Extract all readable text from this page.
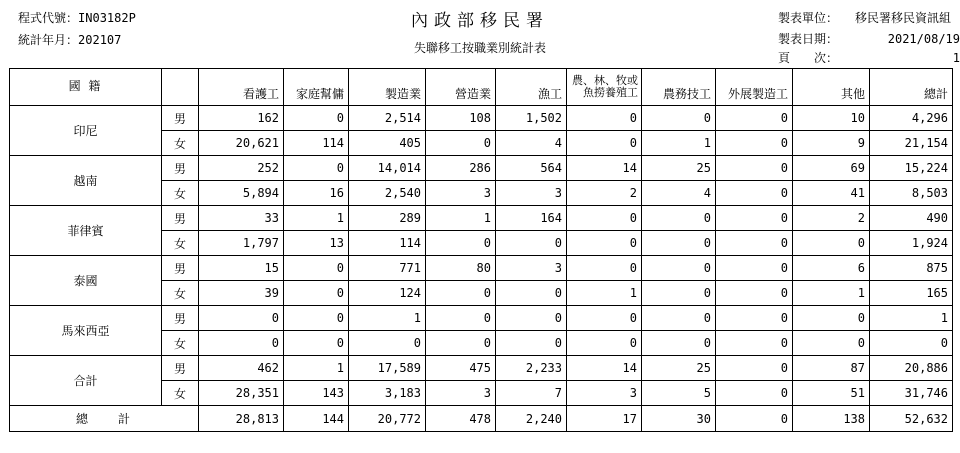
程式代號：IN03182P
統計年月：202107
內政部移民署
失聯移工按職業別統計表
製表單位： 移民署移民資訊組
製表日期：	2021/08/19
頁　　次：	1
國 籍		看護工	家庭幫傭	製造業	營造業	漁工	農、林、牧或魚撈養殖工	農務技工	外展製造工	其他	總計
印尼	男	162	0	2,514	108	1,502	0	0	0	10	4,296
	女	20,621	114	405	0	4	0	1	0	9	21,154
越南	男	252	0	14,014	286	564	14	25	0	69	15,224
	女	5,894	16	2,540	3	3	2	4	0	41	8,503
菲律賓	男	33	1	289	1	164	0	0	0	2	490
	女	1,797	13	114	0	0	0	0	0	0	1,924
泰國	男	15	0	771	80	3	0	0	0	6	875
	女	39	0	124	0	0	1	0	0	1	165
馬來西亞	男	0	0	1	0	0	0	0	0	0	1
	女	0	0	0	0	0	0	0	0	0	0
合計	男	462	1	17,589	475	2,233	14	25	0	87	20,886
	女	28,351	143	3,183	3	7	3	5	0	51	31,746
總　　計		28,813	144	20,772	478	2,240	17	30	0	138	52,632
